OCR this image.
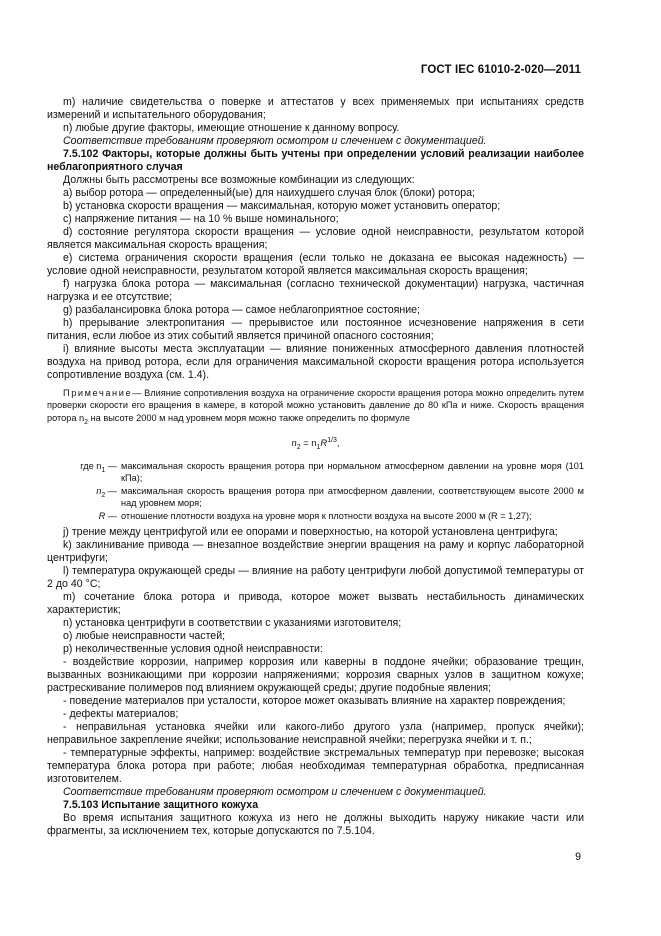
ГОСТ IEC 61010-2-020—2011

m) наличие свидетельства о поверке и аттестатов у всех применяемых при испытаниях средств измерений и испытательного оборудования;

n) любые другие факторы, имеющие отношение к данному вопросу.

Соответствие требованиям проверяют осмотром и слечением с документацией.

7.5.102 Факторы, которые должны быть учтены при определении условий реализации наиболее неблагоприятного случая

Должны быть рассмотрены все возможные комбинации из следующих:

a) выбор ротора — определенный(ые) для наихудшего случая блок (блоки) ротора;

b) установка скорости вращения — максимальная, которую может установить оператор;

c) напряжение питания — на 10 % выше номинального;

d) состояние регулятора скорости вращения — условие одной неисправности, результатом которой является максимальная скорость вращения;

e) система ограничения скорости вращения (если только не доказана ее высокая надежность) — условие одной неисправности, результатом которой является максимальная скорость вращения;

f) нагрузка блока ротора — максимальная (согласно технической документации) нагрузка, частичная нагрузка и ее отсутствие;

g) разбалансировка блока ротора — самое неблагоприятное состояние;

h) прерывание электропитания — прерывистое или постоянное исчезновение напряжения в сети питания, если любое из этих событий является причиной опасного состояния;

i) влияние высоты места эксплуатации — влияние пониженных атмосферного давления плотностей воздуха на привод ротора, если для ограничения максимальной скорости вращения ротора используется сопротивление воздуха (см. 1.4).

Примечание— Влияние сопротивления воздуха на ограничение скорости вращения ротора можно определить путем проверки скорости его вращения в камере, в которой можно установить давление до 80 кПа и ниже. Скорость вращения ротора $n_2$ на высоте 2000 м над уровнем моря можно также определить по формуле

$n_2 = n_1R^{1/3}$,
где $n_1$ — максимальная скорость вращения ротора при нормальном атмосферном давлении на уровне моря (101 кПа);
$n_2$ — максимальная скорость вращения ротора при атмосферном давлении, соответствующем высоте 2000 м над уровнем моря;
R — отношение плотности воздуха на уровне моря к плотности воздуха на высоте 2000 м (R = 1,27);

j) трение между центрифугой или ее опорами и поверхностью, на которой установлена центрифуга;

k) заклинивание привода — внезапное воздействие энергии вращения на раму и корпус лабораторной центрифуги;

l) температура окружающей среды — влияние на работу центрифуги любой допустимой температуры от 2 до 40 °С;

m) сочетание блока ротора и привода, которое может вызвать нестабильность динамических характеристик;

n) установка центрифуги в соответствии с указаниями изготовителя;

o) любые неисправности частей;

p) неколичественные условия одной неисправности:

- воздействие коррозии, например коррозия или каверны в поддоне ячейки; образование трещин, вызванных возникающими при коррозии напряжениями; коррозия сварных узлов в защитном кожухе; растрескивание полимеров под влиянием окружающей среды; другие подобные явления;

- поведение материалов при усталости, которое может оказывать влияние на характер повреждения;

- дефекты материалов;

- неправильная установка ячейки или какого-либо другого узла (например, пропуск ячейки); неправильное закрепление ячейки; использование неисправной ячейки; перегрузка ячейки и т. п.;

- температурные эффекты, например: воздействие экстремальных температур при перевозке; высокая температура блока ротора при работе; любая необходимая температурная обработка, предписанная изготовителем.

Соответствие требованиям проверяют осмотром и слечением с документацией.

7.5.103 Испытание защитного кожуха

Во время испытания защитного кожуха из него не должны выходить наружу никакие части или фрагменты, за исключением тех, которые допускаются по 7.5.104.

9
